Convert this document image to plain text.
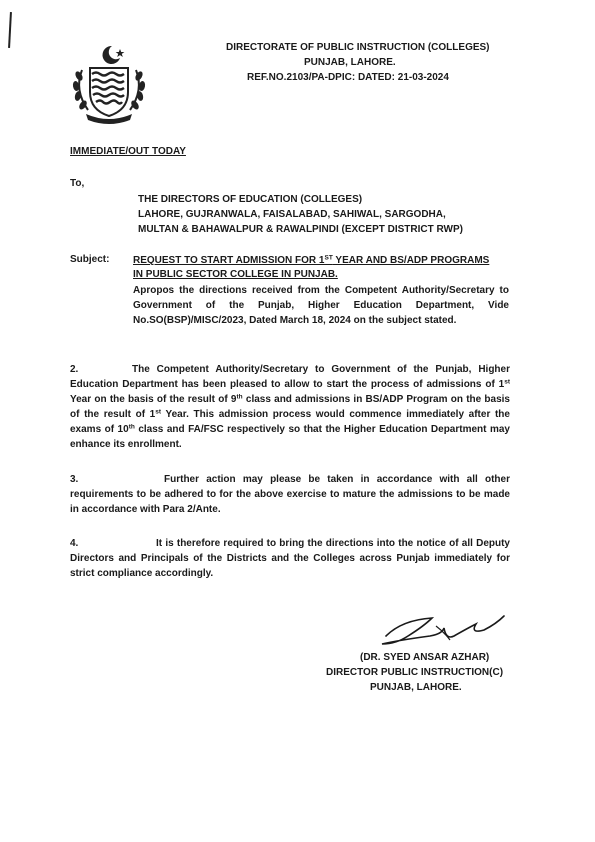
DIRECTORATE OF PUBLIC INSTRUCTION (COLLEGES)
PUNJAB, LAHORE.
REF.NO.2103/PA-DPIC: DATED: 21-03-2024
IMMEDIATE/OUT TODAY
To,
THE DIRECTORS OF EDUCATION (COLLEGES)
LAHORE, GUJRANWALA, FAISALABAD, SAHIWAL, SARGODHA,
MULTAN & BAHAWALPUR & RAWALPINDI (EXCEPT DISTRICT RWP)
Subject: REQUEST TO START ADMISSION FOR 1ST YEAR AND BS/ADP PROGRAMS
IN PUBLIC SECTOR COLLEGE IN PUNJAB.
Apropos the directions received from the Competent Authority/Secretary to Government of the Punjab, Higher Education Department, Vide No.SO(BSP)/MISC/2023, Dated March 18, 2024 on the subject stated.
2.	The Competent Authority/Secretary to Government of the Punjab, Higher Education Department has been pleased to allow to start the process of admissions of 1st Year on the basis of the result of 9th class and admissions in BS/ADP Program on the basis of the result of 1st Year. This admission process would commence immediately after the exams of 10th class and FA/FSC respectively so that the Higher Education Department may enhance its enrollment.
3.	Further action may please be taken in accordance with all other requirements to be adhered to for the above exercise to mature the admissions to be made in accordance with Para 2/Ante.
4.	It is therefore required to bring the directions into the notice of all Deputy Directors and Principals of the Districts and the Colleges across Punjab immediately for strict compliance accordingly.
(DR. SYED ANSAR AZHAR)
DIRECTOR PUBLIC INSTRUCTION(C)
PUNJAB, LAHORE.
